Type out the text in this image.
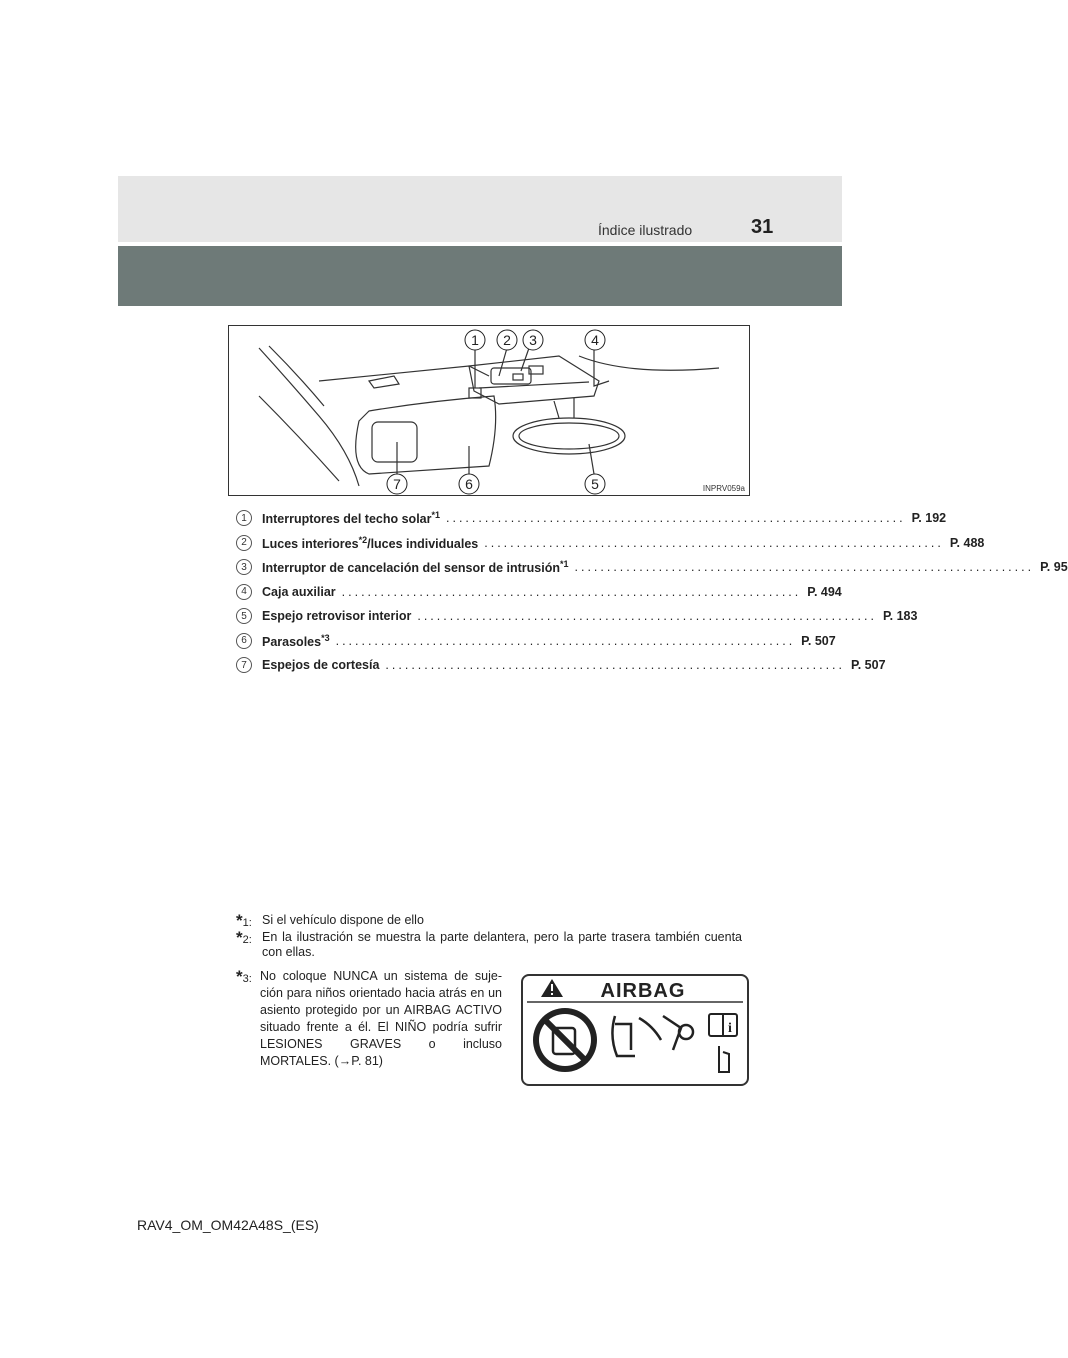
Índice ilustrado	31
1 2 3	4
5
6
7	INPRV059a
1	Interruptores del techo solar$^{*1}$ ....................................................................... P. 192
2	Luces interiores$^{*2}$/luces individuales ....................................................................... P. 488
3	Interruptor de cancelación del sensor de intrusión$^{*1}$ ....................................................................... P. 95
4	Caja auxiliar ....................................................................... P. 494
5	Espejo retrovisor interior ....................................................................... P. 183
6	Parasoles$^{*3}$ ....................................................................... P. 507
7	Espejos de cortesía ....................................................................... P. 507
*1: Si el vehículo dispone de ello
*2: En la ilustración se muestra la parte delantera, pero la parte trasera también cuenta con ellas.
*3: No coloque NUNCA un sistema de suje-ción para niños orientado hacia atrás en un asiento protegido por un AIRBAG ACTIVO situado frente a él. El NIÑO podría sufrir LESIONES GRAVES o incluso MORTALES. (→P. 81)
AIRBAG
i
RAV4_OM_OM42A48S_(ES)
